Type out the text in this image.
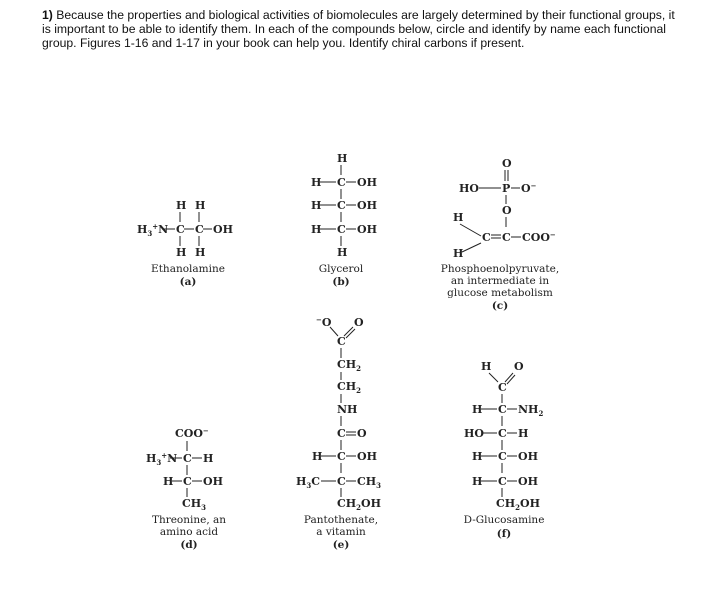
1) Because the properties and biological activities of biomolecules are largely determined by their functional groups, it is important to be able to identify them. In each of the compounds below, circle and identify by name each functional group. Figures 1-16 and 1-17 in your book can help you. Identify chiral carbons if present.
H H
$H_3^+N$ C C OH
H H
Ethanolamine
(a)
H
H C OH
H C OH
H C OH
H
Glycerol
(b)
O
HO P O−
O
H
C C COO−
H
Phosphoenolpyruvate,
an intermediate in
glucose metabolism
(c)
COO−
$H_3^+N$ C H
H C OH
$CH_3$
Threonine, an
amino acid
(d)
−O O
C
$CH_2$
$CH_2$
NH
C O
H C OH
$H_3C$ C $CH_3$
$CH_2OH$
Pantothenate,
a vitamin
(e)
H O
C
H C $NH_2$
HO C H
H C OH
H C OH
$CH_2OH$
D-Glucosamine
(f)
